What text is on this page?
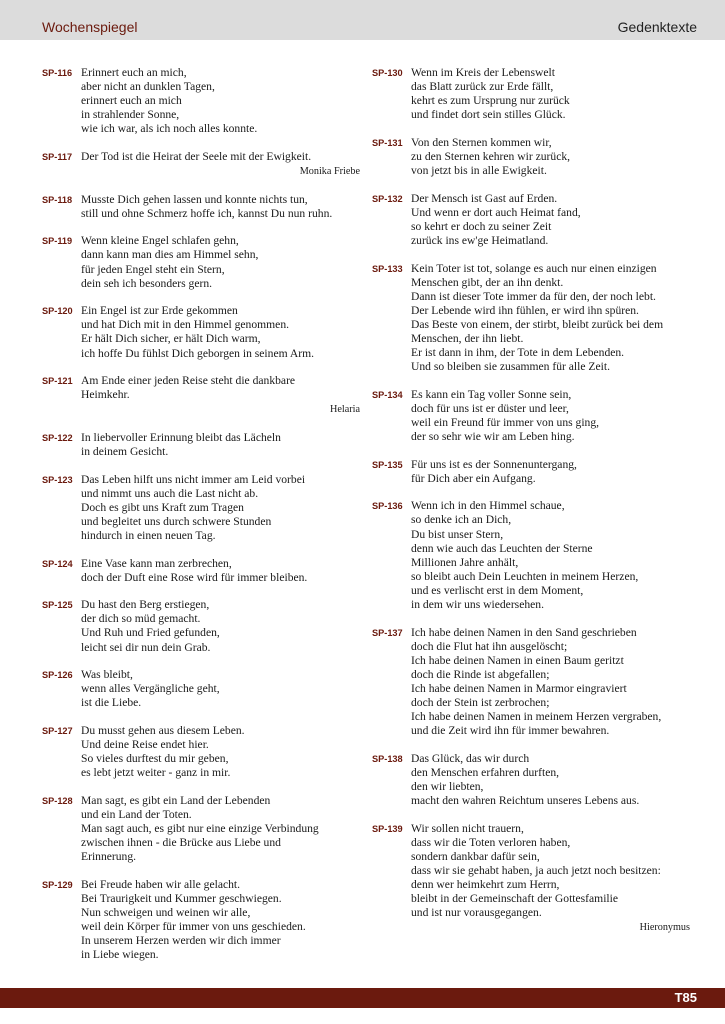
Wochenspiegel	Gedenktexte
SP-116 Erinnert euch an mich,
aber nicht an dunklen Tagen,
erinnert euch an mich
in strahlender Sonne,
wie ich war, als ich noch alles konnte.
SP-117 Der Tod ist die Heirat der Seele mit der Ewigkeit.
Monika Friebe
SP-118 Musste Dich gehen lassen und konnte nichts tun,
still und ohne Schmerz hoffe ich, kannst Du nun ruhn.
SP-119 Wenn kleine Engel schlafen gehn,
dann kann man dies am Himmel sehn,
für jeden Engel steht ein Stern,
dein seh ich besonders gern.
SP-120 Ein Engel ist zur Erde gekommen
und hat Dich mit in den Himmel genommen.
Er hält Dich sicher, er hält Dich warm,
ich hoffe Du fühlst Dich geborgen in seinem Arm.
SP-121 Am Ende einer jeden Reise steht die dankbare
Heimkehr.
Helaria
SP-122 In liebervoller Erinnung bleibt das Lächeln
in deinem Gesicht.
SP-123 Das Leben hilft uns nicht immer am Leid vorbei
und nimmt uns auch die Last nicht ab.
Doch es gibt uns Kraft zum Tragen
und begleitet uns durch schwere Stunden
hindurch in einen neuen Tag.
SP-124 Eine Vase kann man zerbrechen,
doch der Duft eine Rose wird für immer bleiben.
SP-125 Du hast den Berg erstiegen,
der dich so müd gemacht.
Und Ruh und Fried gefunden,
leicht sei dir nun dein Grab.
SP-126 Was bleibt,
wenn alles Vergängliche geht,
ist die Liebe.
SP-127 Du musst gehen aus diesem Leben.
Und deine Reise endet hier.
So vieles durftest du mir geben,
es lebt jetzt weiter - ganz in mir.
SP-128 Man sagt, es gibt ein Land der Lebenden
und ein Land der Toten.
Man sagt auch, es gibt nur eine einzige Verbindung
zwischen ihnen - die Brücke aus Liebe und
Erinnerung.
SP-129 Bei Freude haben wir alle gelacht.
Bei Traurigkeit und Kummer geschwiegen.
Nun schweigen und weinen wir alle,
weil dein Körper für immer von uns geschieden.
In unserem Herzen werden wir dich immer
in Liebe wiegen.
SP-130 Wenn im Kreis der Lebenswelt
das Blatt zurück zur Erde fällt,
kehrt es zum Ursprung nur zurück
und findet dort sein stilles Glück.
SP-131 Von den Sternen kommen wir,
zu den Sternen kehren wir zurück,
von jetzt bis in alle Ewigkeit.
SP-132 Der Mensch ist Gast auf Erden.
Und wenn er dort auch Heimat fand,
so kehrt er doch zu seiner Zeit
zurück ins ew'ge Heimatland.
SP-133 Kein Toter ist tot, solange es auch nur einen einzigen
Menschen gibt, der an ihn denkt.
Dann ist dieser Tote immer da für den, der noch lebt.
Der Lebende wird ihn fühlen, er wird ihn spüren.
Das Beste von einem, der stirbt, bleibt zurück bei dem
Menschen, der ihn liebt.
Er ist dann in ihm, der Tote in dem Lebenden.
Und so bleiben sie zusammen für alle Zeit.
SP-134 Es kann ein Tag voller Sonne sein,
doch für uns ist er düster und leer,
weil ein Freund für immer von uns ging,
der so sehr wie wir am Leben hing.
SP-135 Für uns ist es der Sonnenuntergang,
für Dich aber ein Aufgang.
SP-136 Wenn ich in den Himmel schaue,
so denke ich an Dich,
Du bist unser Stern,
denn wie auch das Leuchten der Sterne
Millionen Jahre anhält,
so bleibt auch Dein Leuchten in meinem Herzen,
und es verlischt erst in dem Moment,
in dem wir uns wiedersehen.
SP-137 Ich habe deinen Namen in den Sand geschrieben
doch die Flut hat ihn ausgelöscht;
Ich habe deinen Namen in einen Baum geritzt
doch die Rinde ist abgefallen;
Ich habe deinen Namen in Marmor eingraviert
doch der Stein ist zerbrochen;
Ich habe deinen Namen in meinem Herzen vergraben,
und die Zeit wird ihn für immer bewahren.
SP-138 Das Glück, das wir durch
den Menschen erfahren durften,
den wir liebten,
macht den wahren Reichtum unseres Lebens aus.
SP-139 Wir sollen nicht trauern,
dass wir die Toten verloren haben,
sondern dankbar dafür sein,
dass wir sie gehabt haben, ja auch jetzt noch besitzen:
denn wer heimkehrt zum Herrn,
bleibt in der Gemeinschaft der Gottesfamilie
und ist nur vorausgegangen.
Hieronymus
T85
